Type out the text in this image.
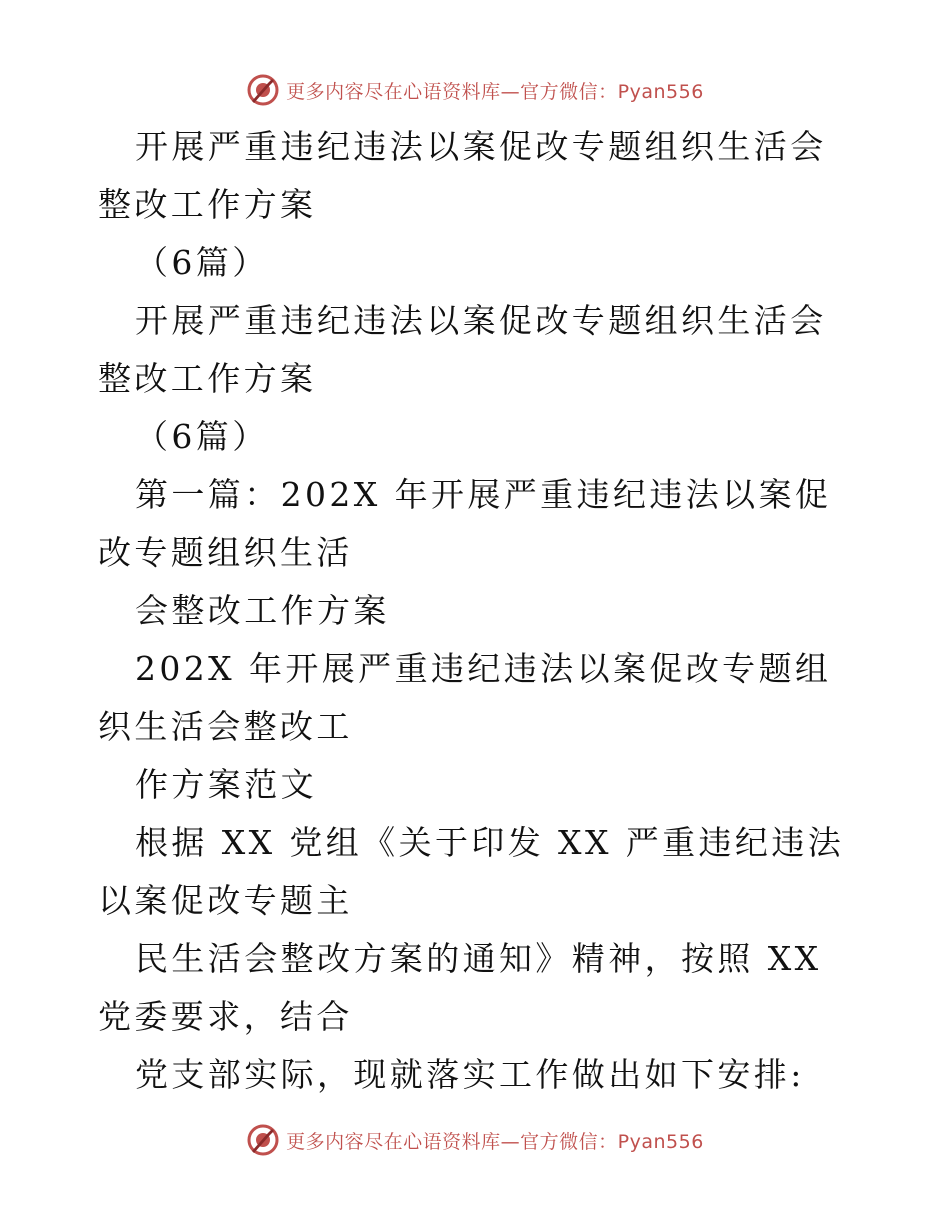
更多内容尽在心语资料库—官方微信：Pyan556

开展严重违纪违法以案促改专题组织生活会整改工作方案

（6篇）

开展严重违纪违法以案促改专题组织生活会整改工作方案

（6篇）

第一篇：202X 年开展严重违纪违法以案促改专题组织生活

会整改工作方案

202X 年开展严重违纪违法以案促改专题组织生活会整改工

作方案范文

根据 XX 党组《关于印发 XX 严重违纪违法以案促改专题主

民生活会整改方案的通知》精神，按照 XX 党委要求，结合

党支部实际，现就落实工作做出如下安排:

更多内容尽在心语资料库—官方微信：Pyan556
